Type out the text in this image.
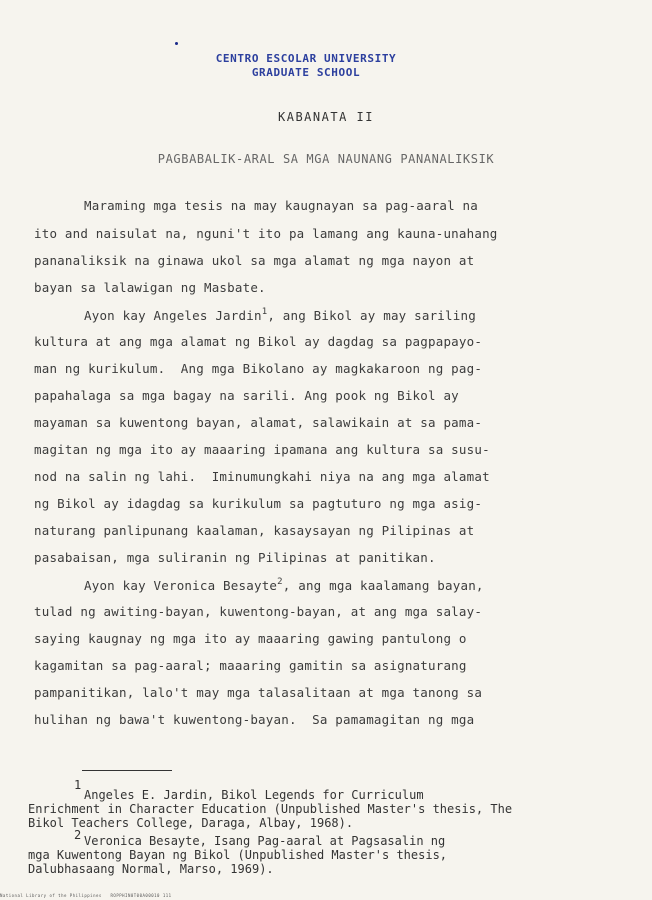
CENTRO ESCOLAR UNIVERSITY
GRADUATE SCHOOL
KABANATA II
PAGBABALIK-ARAL SA MGA NAUNANG PANANALIKSIK
Maraming mga tesis na may kaugnayan sa pag-aaral na
ito and naisulat na, nguni't ito pa lamang ang kauna-unahang
pananaliksik na ginawa ukol sa mga alamat ng mga nayon at
bayan sa lalawigan ng Masbate.
Ayon kay Angeles Jardin$^1$, ang Bikol ay may sariling
kultura at ang mga alamat ng Bikol ay dagdag sa pagpapayo-
man ng kurikulum.  Ang mga Bikolano ay magkakaroon ng pag-
papahalaga sa mga bagay na sarili. Ang pook ng Bikol ay
mayaman sa kuwentong bayan, alamat, salawikain at sa pama-
magitan ng mga ito ay maaaring ipamana ang kultura sa susu-
nod na salin ng lahi.  Iminumungkahi niya na ang mga alamat
ng Bikol ay idagdag sa kurikulum sa pagtuturo ng mga asig-
naturang panlipunang kaalaman, kasaysayan ng Pilipinas at
pasabaisan, mga suliranin ng Pilipinas at panitikan.
Ayon kay Veronica Besayte$^2$, ang mga kaalamang bayan,
tulad ng awiting-bayan, kuwentong-bayan, at ang mga salay-
saying kaugnay ng mga ito ay maaaring gawing pantulong o
kagamitan sa pag-aaral; maaaring gamitin sa asignaturang
pampanitikan, lalo't may mga talasalitaan at mga tanong sa
hulihan ng bawa't kuwentong-bayan.  Sa pamamagitan ng mga
1
Angeles E. Jardin, Bikol Legends for Curriculum
Enrichment in Character Education (Unpublished Master's thesis, The
Bikol Teachers College, Daraga, Albay, 1968).
2 Veronica Besayte, Isang Pag-aaral at Pagsasalin ng
mga Kuwentong Bayan ng Bikol (Unpublished Master's thesis,
Dalubhasaang Normal, Marso, 1969).
National Library of the Philippines   ROPPHIN0T00A00010 111
